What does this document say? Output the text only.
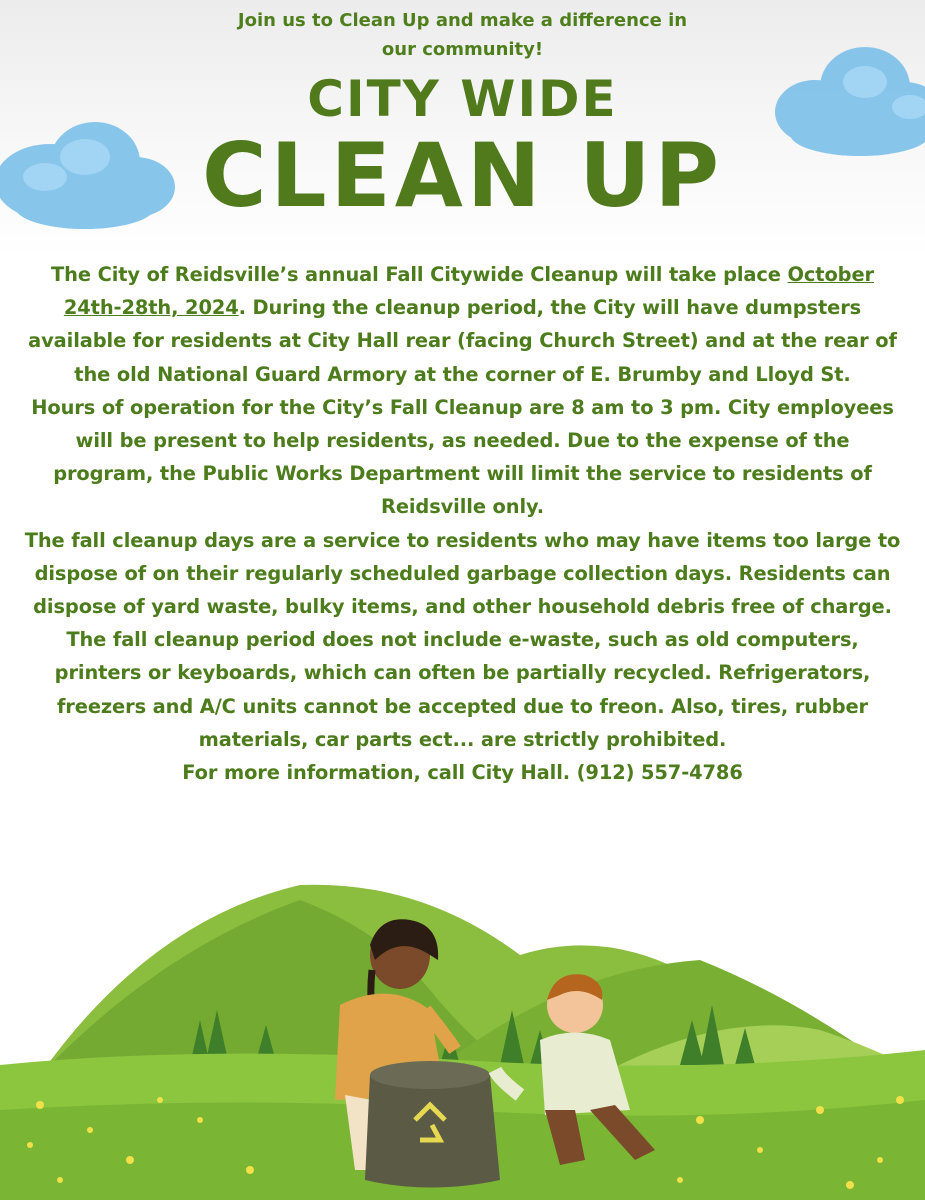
Join us to Clean Up and make a difference in
our community!
CITY WIDE
CLEAN UP

The City of Reidsville’s annual Fall Citywide Cleanup will take place October 24th-28th, 2024. During the cleanup period, the City will have dumpsters available for residents at City Hall rear (facing Church Street) and at the rear of the old National Guard Armory at the corner of E. Brumby and Lloyd St.

Hours of operation for the City’s Fall Cleanup are 8 am to 3 pm. City employees will be present to help residents, as needed. Due to the expense of the program, the Public Works Department will limit the service to residents of Reidsville only.

The fall cleanup days are a service to residents who may have items too large to dispose of on their regularly scheduled garbage collection days. Residents can dispose of yard waste, bulky items, and other household debris free of charge.

The fall cleanup period does not include e-waste, such as old computers, printers or keyboards, which can often be partially recycled. Refrigerators, freezers and A/C units cannot be accepted due to freon. Also, tires, rubber materials, car parts ect... are strictly prohibited.

For more information, call City Hall. (912) 557-4786
